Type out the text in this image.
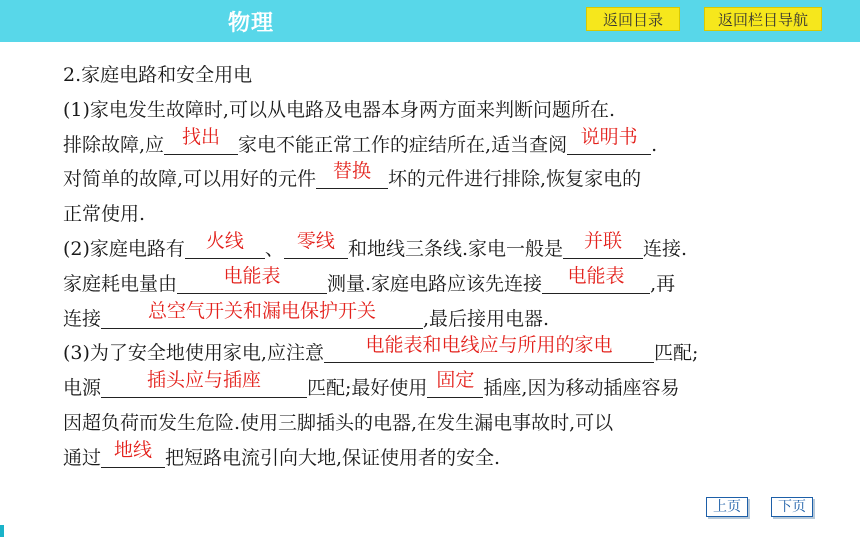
物理	返回目录	返回栏目导航
2.家庭电路和安全用电
(1)家电发生故障时,可以从电路及电器本身两方面来判断问题所在.
排除故障,应 找出 家电不能正常工作的症结所在,适当查阅 说明书 .
对简单的故障,可以用好的元件 替换 坏的元件进行排除,恢复家电的
正常使用.
(2)家庭电路有	火线	、 零线 和地线三条线.家电一般是	并联	连接.
家庭耗电量由	电能表	测量.家庭电路应该先连接	电能表	,再
连接	总空气开关和漏电保护开关	,最后接用电器.
(3)为了安全地使用家电,应注意	电能表和电线应与所用的家电	匹配;
电源	插头应与插座	匹配;最好使用 固定 插座,因为移动插座容易
因超负荷而发生危险.使用三脚插头的电器,在发生漏电事故时,可以
通过 地线 把短路电流引向大地,保证使用者的安全.
上页	下页
